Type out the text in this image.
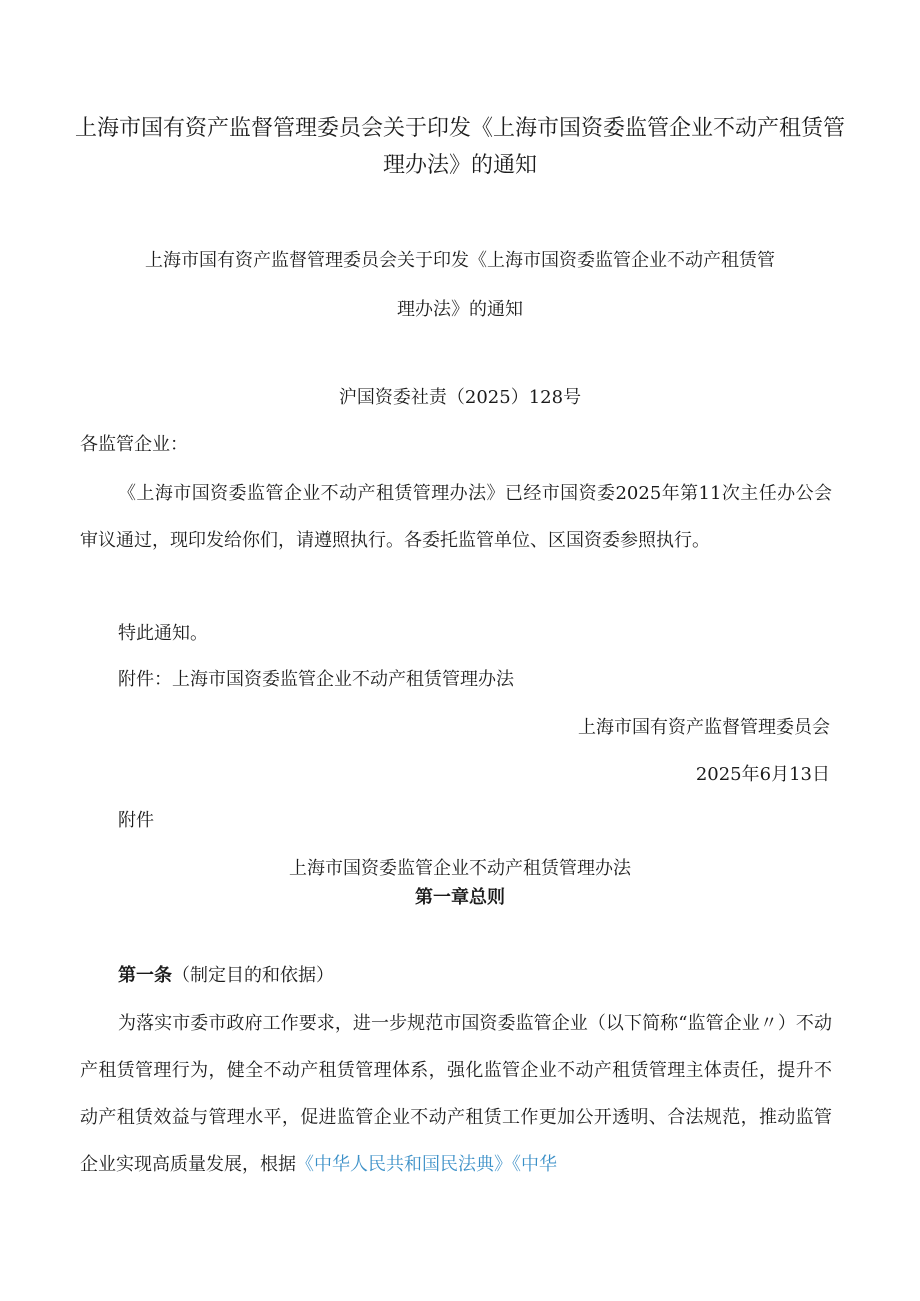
上海市国有资产监督管理委员会关于印发《上海市国资委监管企业不动产租赁管理办法》的通知
上海市国有资产监督管理委员会关于印发《上海市国资委监管企业不动产租赁管
理办法》的通知
沪国资委社责（2025）128号
各监管企业：
《上海市国资委监管企业不动产租赁管理办法》已经市国资委2025年第11次主任办公会审议通过，现印发给你们，请遵照执行。各委托监管单位、区国资委参照执行。
特此通知。
附件：上海市国资委监管企业不动产租赁管理办法
上海市国有资产监督管理委员会
2025年6月13日
附件
上海市国资委监管企业不动产租赁管理办法
第一章总则
第一条（制定目的和依据）
为落实市委市政府工作要求，进一步规范市国资委监管企业（以下简称“监管企业〃）不动产租赁管理行为，健全不动产租赁管理体系，强化监管企业不动产租赁管理主体责任，提升不动产租赁效益与管理水平，促进监管企业不动产租赁工作更加公开透明、合法规范，推动监管企业实现高质量发展，根据《中华人民共和国民法典》《中华
